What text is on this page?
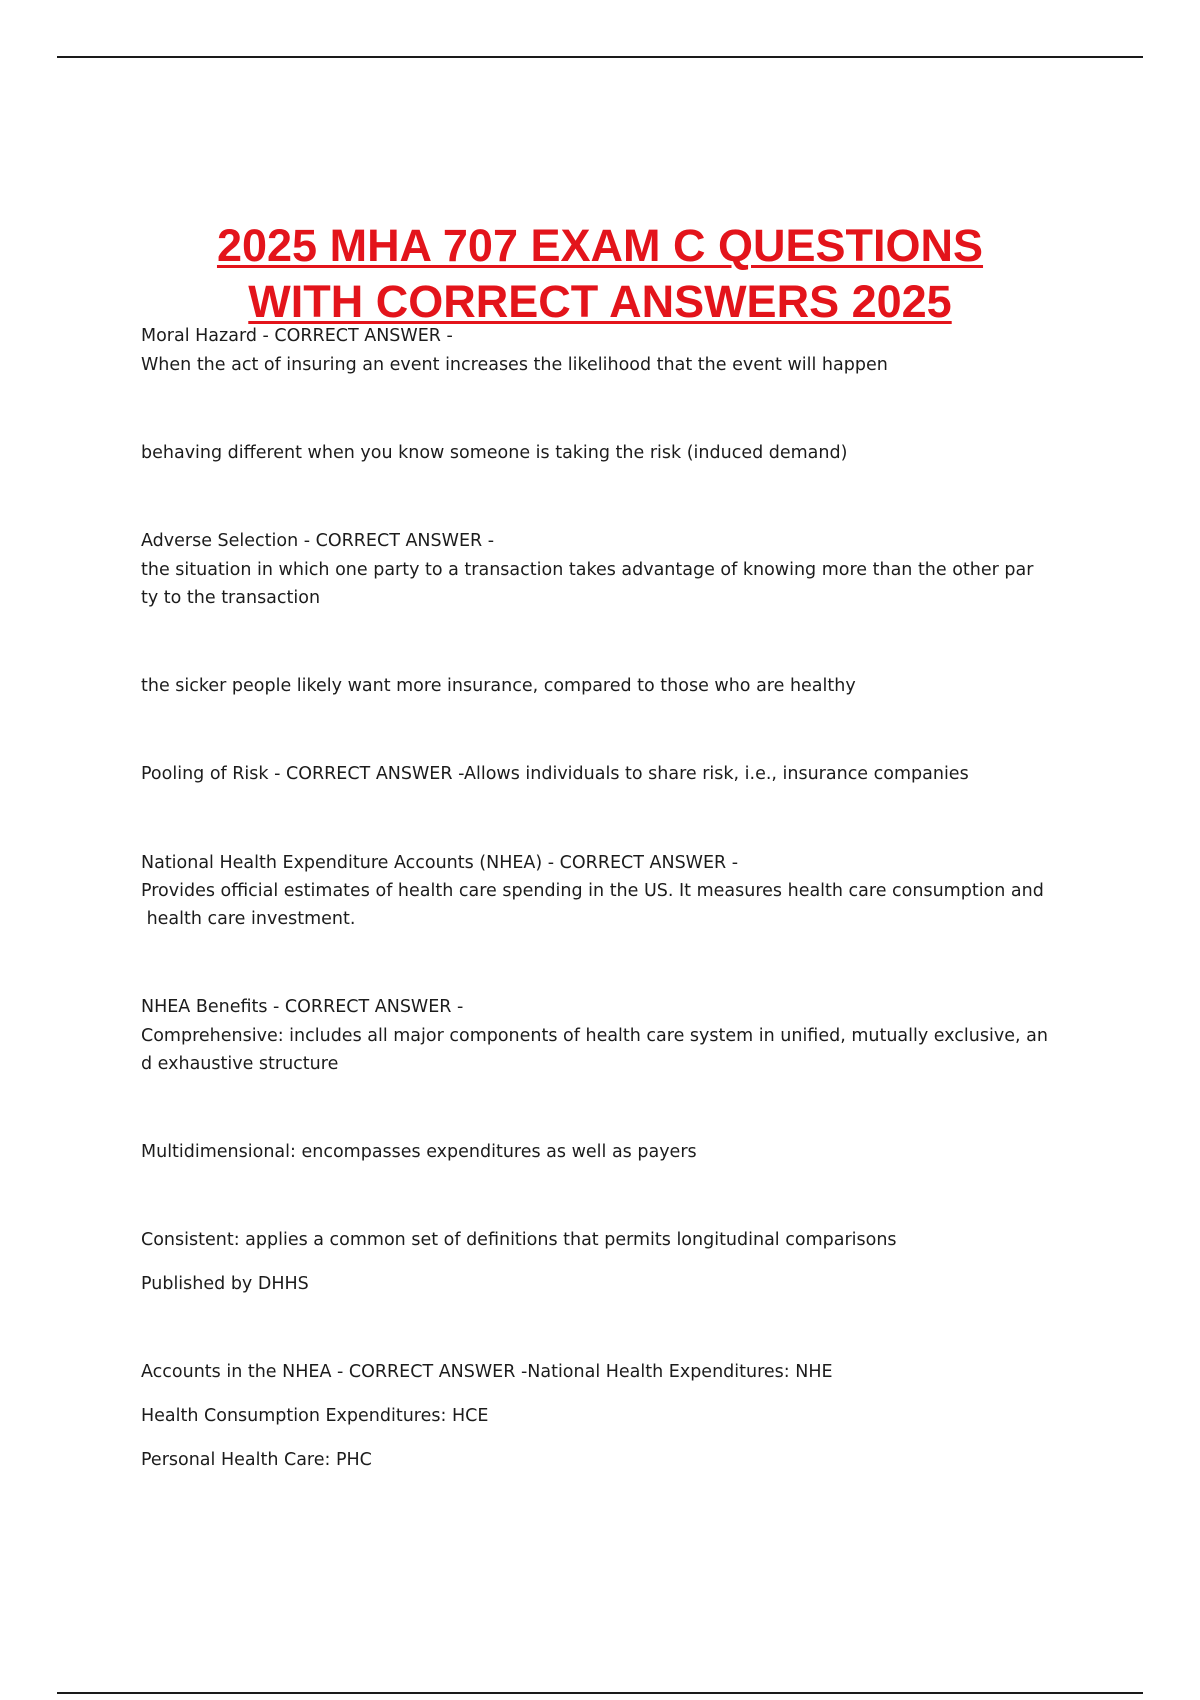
2025 MHA 707 EXAM C QUESTIONS
WITH CORRECT ANSWERS 2025
Moral Hazard - CORRECT ANSWER -
When the act of insuring an event increases the likelihood that the event will happen
behaving different when you know someone is taking the risk (induced demand)
Adverse Selection - CORRECT ANSWER -
the situation in which one party to a transaction takes advantage of knowing more than the other par
ty to the transaction
the sicker people likely want more insurance, compared to those who are healthy
Pooling of Risk - CORRECT ANSWER -Allows individuals to share risk, i.e., insurance companies
National Health Expenditure Accounts (NHEA) - CORRECT ANSWER -
Provides official estimates of health care spending in the US. It measures health care consumption and
health care investment.
NHEA Benefits - CORRECT ANSWER -
Comprehensive: includes all major components of health care system in unified, mutually exclusive, an
d exhaustive structure
Multidimensional: encompasses expenditures as well as payers
Consistent: applies a common set of definitions that permits longitudinal comparisons
Published by DHHS
Accounts in the NHEA - CORRECT ANSWER -National Health Expenditures: NHE
Health Consumption Expenditures: HCE
Personal Health Care: PHC
